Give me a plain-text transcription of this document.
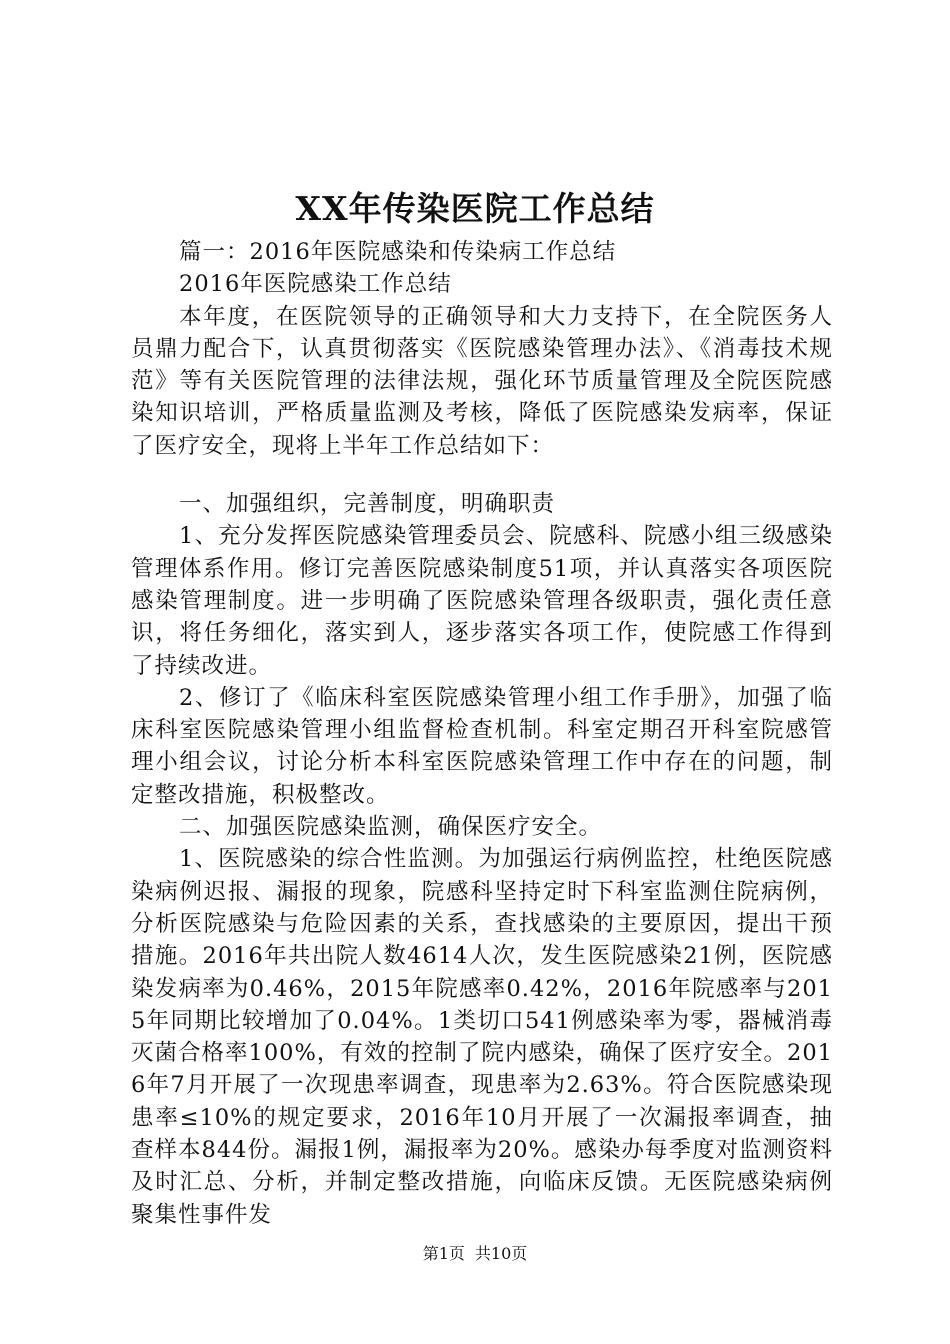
XX年传染医院工作总结

篇一：2016年医院感染和传染病工作总结

2016年医院感染工作总结

本年度，在医院领导的正确领导和大力支持下，在全院医务人员鼎力配合下，认真贯彻落实《医院感染管理办法》、《消毒技术规范》等有关医院管理的法律法规，强化环节质量管理及全院医院感染知识培训，严格质量监测及考核，降低了医院感染发病率，保证了医疗安全，现将上半年工作总结如下：

一、加强组织，完善制度，明确职责

1、充分发挥医院感染管理委员会、院感科、院感小组三级感染管理体系作用。修订完善医院感染制度51项，并认真落实各项医院感染管理制度。进一步明确了医院感染管理各级职责，强化责任意识，将任务细化，落实到人，逐步落实各项工作，使院感工作得到了持续改进。

2、修订了《临床科室医院感染管理小组工作手册》，加强了临床科室医院感染管理小组监督检查机制。科室定期召开科室院感管理小组会议，讨论分析本科室医院感染管理工作中存在的问题，制定整改措施，积极整改。

二、加强医院感染监测，确保医疗安全。

1、医院感染的综合性监测。为加强运行病例监控，杜绝医院感染病例迟报、漏报的现象，院感科坚持定时下科室监测住院病例，分析医院感染与危险因素的关系，查找感染的主要原因，提出干预措施。2016年共出院人数4614人次，发生医院感染21例，医院感染发病率为0.46%，2015年院感率0.42%，2016年院感率与2015年同期比较增加了0.04%。1类切口541例感染率为零，器械消毒灭菌合格率100%，有效的控制了院内感染，确保了医疗安全。2016年7月开展了一次现患率调查，现患率为2.63%。符合医院感染现患率≤10%的规定要求，2016年10月开展了一次漏报率调查，抽查样本844份。漏报1例，漏报率为20%。感染办每季度对监测资料及时汇总、分析，并制定整改措施，向临床反馈。无医院感染病例聚集性事件发

第1页 共10页
